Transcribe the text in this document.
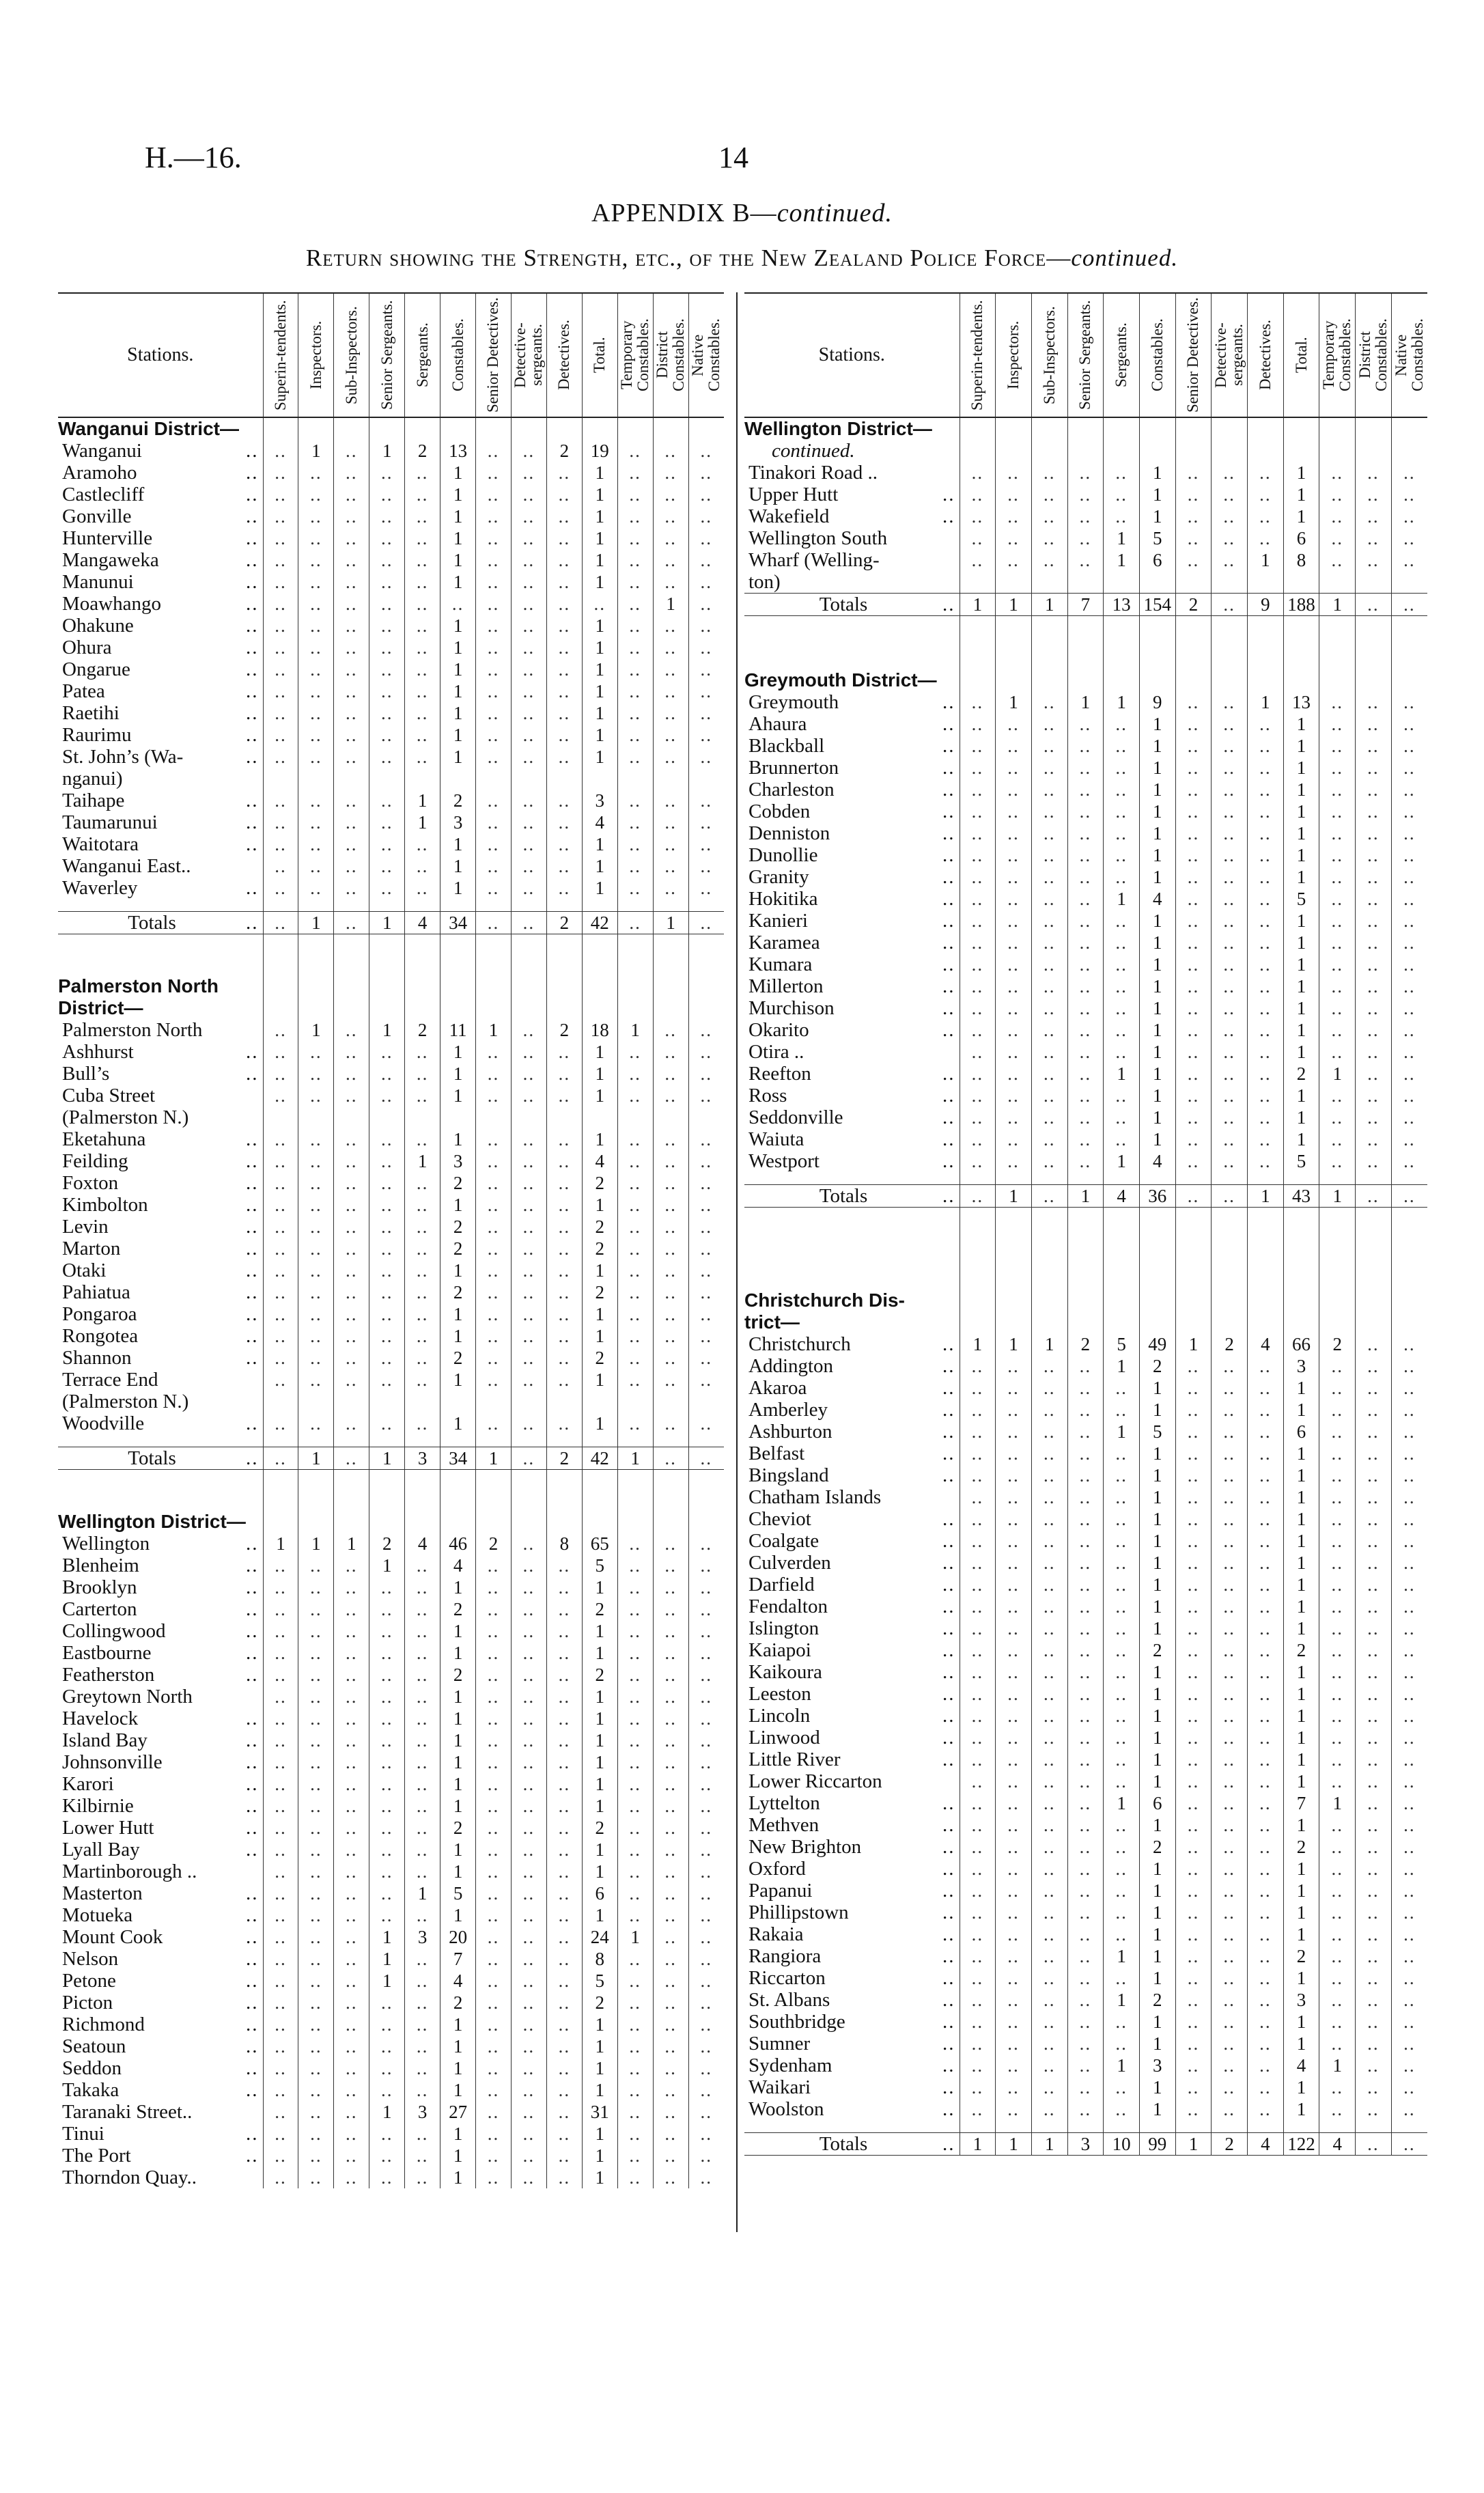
H.—16.	14
APPENDIX B—continued.
Return showing the Strength, etc., of the New Zealand Police Force—continued.
Stations.	Superin-tendents.	Inspectors.	Sub-Inspectors.	Senior Sergeants.	Sergeants.	Constables.	Senior Detectives.	Detective-sergeants.	Detectives.	Total.	Temporary Constables.	District Constables.	Native Constables.

Wanganui District—													
Wanganui ..	..	1	..	1	2	13	..	..	2	19	..	..	..
Aramoho ..	..	..	..	..	..	1	..	..	..	1	..	..	..
Castlecliff ..	..	..	..	..	..	1	..	..	..	1	..	..	..
Gonville ..	..	..	..	..	..	1	..	..	..	1	..	..	..
Hunterville ..	..	..	..	..	..	1	..	..	..	1	..	..	..
Mangaweka ..	..	..	..	..	..	1	..	..	..	1	..	..	..
Manunui ..	..	..	..	..	..	1	..	..	..	1	..	..	..
Moawhango ..	..	..	..	..	..	..	..	..	..	..	..	1	..
Ohakune ..	..	..	..	..	..	1	..	..	..	1	..	..	..
Ohura ..	..	..	..	..	..	1	..	..	..	1	..	..	..
Ongarue ..	..	..	..	..	..	1	..	..	..	1	..	..	..
Patea ..	..	..	..	..	..	1	..	..	..	1	..	..	..
Raetihi ..	..	..	..	..	..	1	..	..	..	1	..	..	..
Raurimu ..	..	..	..	..	..	1	..	..	..	1	..	..	..
St. John’s (Wa- ..	..	..	..	..	..	1	..	..	..	1	..	..	..
nganui)													
Taihape ..	..	..	..	..	1	2	..	..	..	3	..	..	..
Taumarunui ..	..	..	..	..	1	3	..	..	..	4	..	..	..
Waitotara ..	..	..	..	..	..	1	..	..	..	1	..	..	..
Wanganui East..	..	..	..	..	..	1	..	..	..	1	..	..	..
Waverley ..	..	..	..	..	..	1	..	..	..	1	..	..	..

Totals ..	..	1	..	1	4	34	..	..	2	42	..	1	..

Palmerston North													
District—													
Palmerston North	..	1	..	1	2	11	1	..	2	18	1	..	..
Ashhurst ..	..	..	..	..	..	1	..	..	..	1	..	..	..
Bull’s ..	..	..	..	..	..	1	..	..	..	1	..	..	..
Cuba Street	..	..	..	..	..	1	..	..	..	1	..	..	..
(Palmerston N.)													
Eketahuna ..	..	..	..	..	..	1	..	..	..	1	..	..	..
Feilding ..	..	..	..	..	1	3	..	..	..	4	..	..	..
Foxton ..	..	..	..	..	..	2	..	..	..	2	..	..	..
Kimbolton ..	..	..	..	..	..	1	..	..	..	1	..	..	..
Levin ..	..	..	..	..	..	2	..	..	..	2	..	..	..
Marton ..	..	..	..	..	..	2	..	..	..	2	..	..	..
Otaki ..	..	..	..	..	..	1	..	..	..	1	..	..	..
Pahiatua ..	..	..	..	..	..	2	..	..	..	2	..	..	..
Pongaroa ..	..	..	..	..	..	1	..	..	..	1	..	..	..
Rongotea ..	..	..	..	..	..	1	..	..	..	1	..	..	..
Shannon ..	..	..	..	..	..	2	..	..	..	2	..	..	..
Terrace End	..	..	..	..	..	1	..	..	..	1	..	..	..
(Palmerston N.)													
Woodville ..	..	..	..	..	..	1	..	..	..	1	..	..	..

Totals ..	..	1	..	1	3	34	1	..	2	42	1	..	..

Wellington District—													
Wellington ..	1	1	1	2	4	46	2	..	8	65	..	..	..
Blenheim ..	..	..	..	1	..	4	..	..	..	5	..	..	..
Brooklyn ..	..	..	..	..	..	1	..	..	..	1	..	..	..
Carterton ..	..	..	..	..	..	2	..	..	..	2	..	..	..
Collingwood ..	..	..	..	..	..	1	..	..	..	1	..	..	..
Eastbourne ..	..	..	..	..	..	1	..	..	..	1	..	..	..
Featherston ..	..	..	..	..	..	2	..	..	..	2	..	..	..
Greytown North	..	..	..	..	..	1	..	..	..	1	..	..	..
Havelock ..	..	..	..	..	..	1	..	..	..	1	..	..	..
Island Bay ..	..	..	..	..	..	1	..	..	..	1	..	..	..
Johnsonville ..	..	..	..	..	..	1	..	..	..	1	..	..	..
Karori ..	..	..	..	..	..	1	..	..	..	1	..	..	..
Kilbirnie ..	..	..	..	..	..	1	..	..	..	1	..	..	..
Lower Hutt ..	..	..	..	..	..	2	..	..	..	2	..	..	..
Lyall Bay ..	..	..	..	..	..	1	..	..	..	1	..	..	..
Martinborough ..	..	..	..	..	..	1	..	..	..	1	..	..	..
Masterton ..	..	..	..	..	1	5	..	..	..	6	..	..	..
Motueka ..	..	..	..	..	..	1	..	..	..	1	..	..	..
Mount Cook ..	..	..	..	1	3	20	..	..	..	24	1	..	..
Nelson ..	..	..	..	1	..	7	..	..	..	8	..	..	..
Petone ..	..	..	..	1	..	4	..	..	..	5	..	..	..
Picton ..	..	..	..	..	..	2	..	..	..	2	..	..	..
Richmond ..	..	..	..	..	..	1	..	..	..	1	..	..	..
Seatoun ..	..	..	..	..	..	1	..	..	..	1	..	..	..
Seddon ..	..	..	..	..	..	1	..	..	..	1	..	..	..
Takaka ..	..	..	..	..	..	1	..	..	..	1	..	..	..
Taranaki Street..	..	..	..	1	3	27	..	..	..	31	..	..	..
Tinui ..	..	..	..	..	..	1	..	..	..	1	..	..	..
The Port ..	..	..	..	..	..	1	..	..	..	1	..	..	..
Thorndon Quay..	..	..	..	..	..	1	..	..	..	1	..	..	..
Stations.	Superin-tendents.	Inspectors.	Sub-Inspectors.	Senior Sergeants.	Sergeants.	Constables.	Senior Detectives.	Detective-sergeants.	Detectives.	Total.	Temporary Constables.	District Constables.	Native Constables.

Wellington District—													
continued.													
Tinakori Road ..	..	..	..	..	..	1	..	..	..	1	..	..	..
Upper Hutt ..	..	..	..	..	..	1	..	..	..	1	..	..	..
Wakefield ..	..	..	..	..	..	1	..	..	..	1	..	..	..
Wellington South	..	..	..	..	1	5	..	..	..	6	..	..	..
Wharf (Welling-	..	..	..	..	1	6	..	..	1	8	..	..	..
ton)													
Totals ..	1	1	1	7	13	154	2	..	9	188	1	..	..

Greymouth District—													
Greymouth ..	..	1	..	1	1	9	..	..	1	13	..	..	..
Ahaura ..	..	..	..	..	..	1	..	..	..	1	..	..	..
Blackball ..	..	..	..	..	..	1	..	..	..	1	..	..	..
Brunnerton ..	..	..	..	..	..	1	..	..	..	1	..	..	..
Charleston ..	..	..	..	..	..	1	..	..	..	1	..	..	..
Cobden ..	..	..	..	..	..	1	..	..	..	1	..	..	..
Denniston ..	..	..	..	..	..	1	..	..	..	1	..	..	..
Dunollie ..	..	..	..	..	..	1	..	..	..	1	..	..	..
Granity ..	..	..	..	..	..	1	..	..	..	1	..	..	..
Hokitika ..	..	..	..	..	1	4	..	..	..	5	..	..	..
Kanieri ..	..	..	..	..	..	1	..	..	..	1	..	..	..
Karamea ..	..	..	..	..	..	1	..	..	..	1	..	..	..
Kumara ..	..	..	..	..	..	1	..	..	..	1	..	..	..
Millerton ..	..	..	..	..	..	1	..	..	..	1	..	..	..
Murchison ..	..	..	..	..	..	1	..	..	..	1	..	..	..
Okarito ..	..	..	..	..	..	1	..	..	..	1	..	..	..
Otira ..	..	..	..	..	..	1	..	..	..	1	..	..	..
Reefton ..	..	..	..	..	1	1	..	..	..	2	1	..	..
Ross ..	..	..	..	..	..	1	..	..	..	1	..	..	..
Seddonville ..	..	..	..	..	..	1	..	..	..	1	..	..	..
Waiuta ..	..	..	..	..	..	1	..	..	..	1	..	..	..
Westport ..	..	..	..	..	1	4	..	..	..	5	..	..	..

Totals ..	..	1	..	1	4	36	..	..	1	43	1	..	..

Christchurch Dis-													
trict—													
Christchurch ..	1	1	1	2	5	49	1	2	4	66	2	..	..
Addington ..	..	..	..	..	1	2	..	..	..	3	..	..	..
Akaroa ..	..	..	..	..	..	1	..	..	..	1	..	..	..
Amberley ..	..	..	..	..	..	1	..	..	..	1	..	..	..
Ashburton ..	..	..	..	..	1	5	..	..	..	6	..	..	..
Belfast ..	..	..	..	..	..	1	..	..	..	1	..	..	..
Bingsland ..	..	..	..	..	..	1	..	..	..	1	..	..	..
Chatham Islands	..	..	..	..	..	1	..	..	..	1	..	..	..
Cheviot ..	..	..	..	..	..	1	..	..	..	1	..	..	..
Coalgate ..	..	..	..	..	..	1	..	..	..	1	..	..	..
Culverden ..	..	..	..	..	..	1	..	..	..	1	..	..	..
Darfield ..	..	..	..	..	..	1	..	..	..	1	..	..	..
Fendalton ..	..	..	..	..	..	1	..	..	..	1	..	..	..
Islington ..	..	..	..	..	..	1	..	..	..	1	..	..	..
Kaiapoi ..	..	..	..	..	..	2	..	..	..	2	..	..	..
Kaikoura ..	..	..	..	..	..	1	..	..	..	1	..	..	..
Leeston ..	..	..	..	..	..	1	..	..	..	1	..	..	..
Lincoln ..	..	..	..	..	..	1	..	..	..	1	..	..	..
Linwood ..	..	..	..	..	..	1	..	..	..	1	..	..	..
Little River ..	..	..	..	..	..	1	..	..	..	1	..	..	..
Lower Riccarton	..	..	..	..	..	1	..	..	..	1	..	..	..
Lyttelton ..	..	..	..	..	1	6	..	..	..	7	1	..	..
Methven ..	..	..	..	..	..	1	..	..	..	1	..	..	..
New Brighton ..	..	..	..	..	..	2	..	..	..	2	..	..	..
Oxford ..	..	..	..	..	..	1	..	..	..	1	..	..	..
Papanui ..	..	..	..	..	..	1	..	..	..	1	..	..	..
Phillipstown ..	..	..	..	..	..	1	..	..	..	1	..	..	..
Rakaia ..	..	..	..	..	..	1	..	..	..	1	..	..	..
Rangiora ..	..	..	..	..	1	1	..	..	..	2	..	..	..
Riccarton ..	..	..	..	..	..	1	..	..	..	1	..	..	..
St. Albans ..	..	..	..	..	1	2	..	..	..	3	..	..	..
Southbridge ..	..	..	..	..	..	1	..	..	..	1	..	..	..
Sumner ..	..	..	..	..	..	1	..	..	..	1	..	..	..
Sydenham ..	..	..	..	..	1	3	..	..	..	4	1	..	..
Waikari ..	..	..	..	..	..	1	..	..	..	1	..	..	..
Woolston ..	..	..	..	..	..	1	..	..	..	1	..	..	..

Totals ..	1	1	1	3	10	99	1	2	4	122	4	..	..
